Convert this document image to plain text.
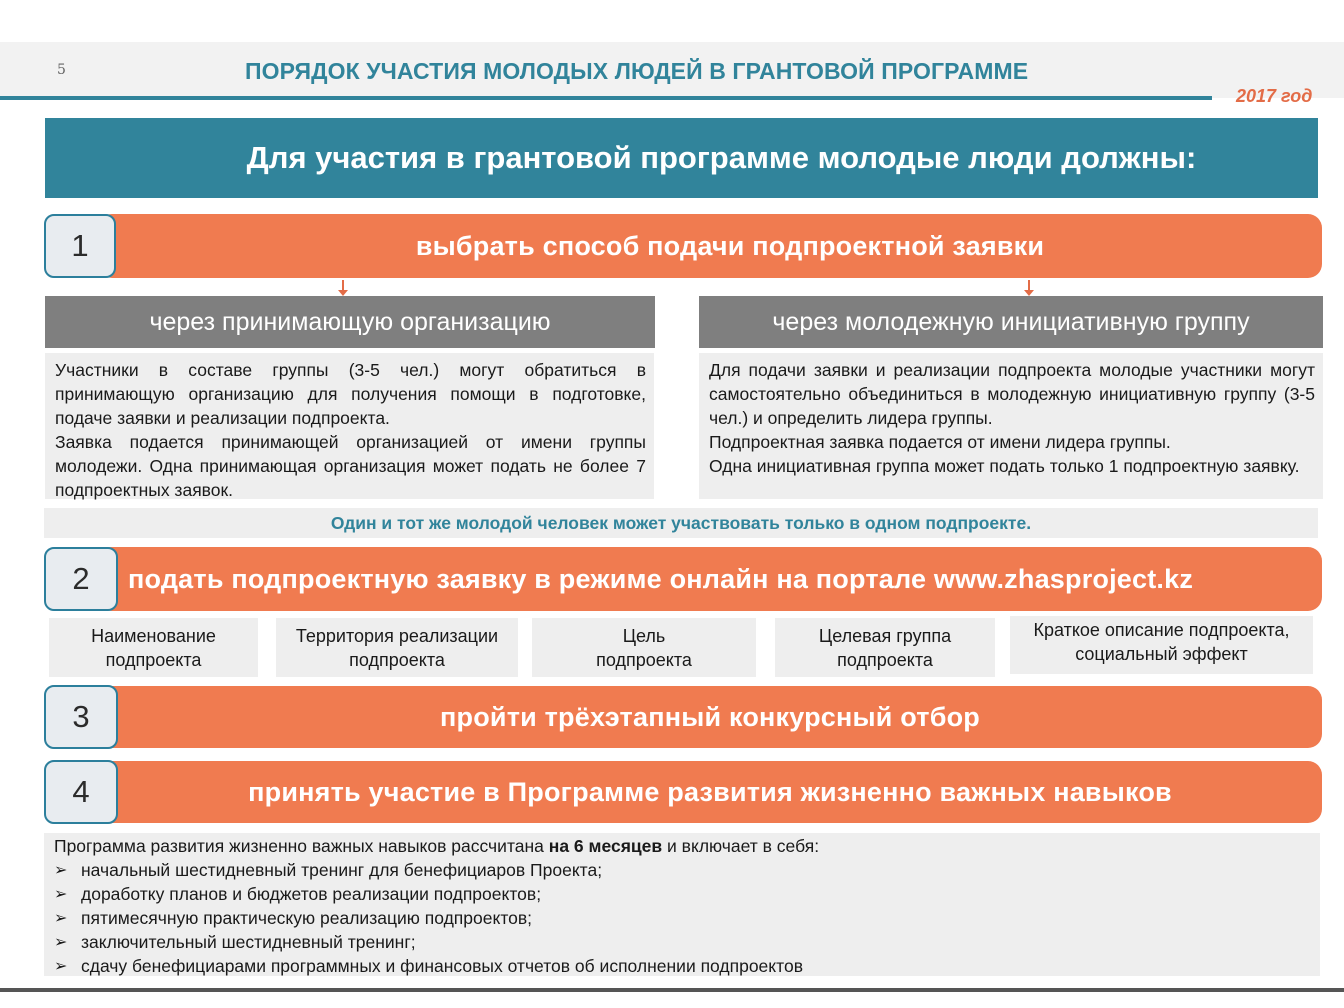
5	ПОРЯДОК УЧАСТИЯ МОЛОДЫХ ЛЮДЕЙ В ГРАНТОВОЙ ПРОГРАММЕ
2017 год
Для участия в грантовой программе молодые люди должны:
выбрать способ подачи подпроектной заявки
1
через принимающую организацию
Участники в составе группы (3-5 чел.) могут обратиться в принимающую организацию для получения помощи в подготовке, подаче заявки и реализации подпроекта.
Заявка подается принимающей организацией от имени группы молодежи. Одна принимающая организация может подать не более 7 подпроектных заявок.
через молодежную инициативную группу
Для подачи заявки и реализации подпроекта молодые участники могут самостоятельно объединиться в молодежную инициативную группу (3-5 чел.) и определить лидера группы.
Подпроектная заявка подается от имени лидера группы.
Одна инициативная группа может подать только 1 подпроектную заявку.
Один и тот же молодой человек может участвовать только в одном подпроекте.
подать подпроектную заявку в режиме онлайн на портале www.zhasproject.kz
2
Наименование подпроекта
Территория реализации подпроекта
Цель подпроекта
Целевая группа подпроекта
Краткое описание подпроекта, социальный эффект
пройти трёхэтапный конкурсный отбор
3
принять участие в Программе развития жизненно важных навыков
4
Программа развития жизненно важных навыков рассчитана на 6 месяцев и включает в себя:
➢ начальный шестидневный тренинг для бенефициаров Проекта;
➢ доработку планов и бюджетов реализации подпроектов;
➢ пятимесячную практическую реализацию подпроектов;
➢ заключительный шестидневный тренинг;
➢ сдачу бенефициарами программных и финансовых отчетов об исполнении подпроектов
